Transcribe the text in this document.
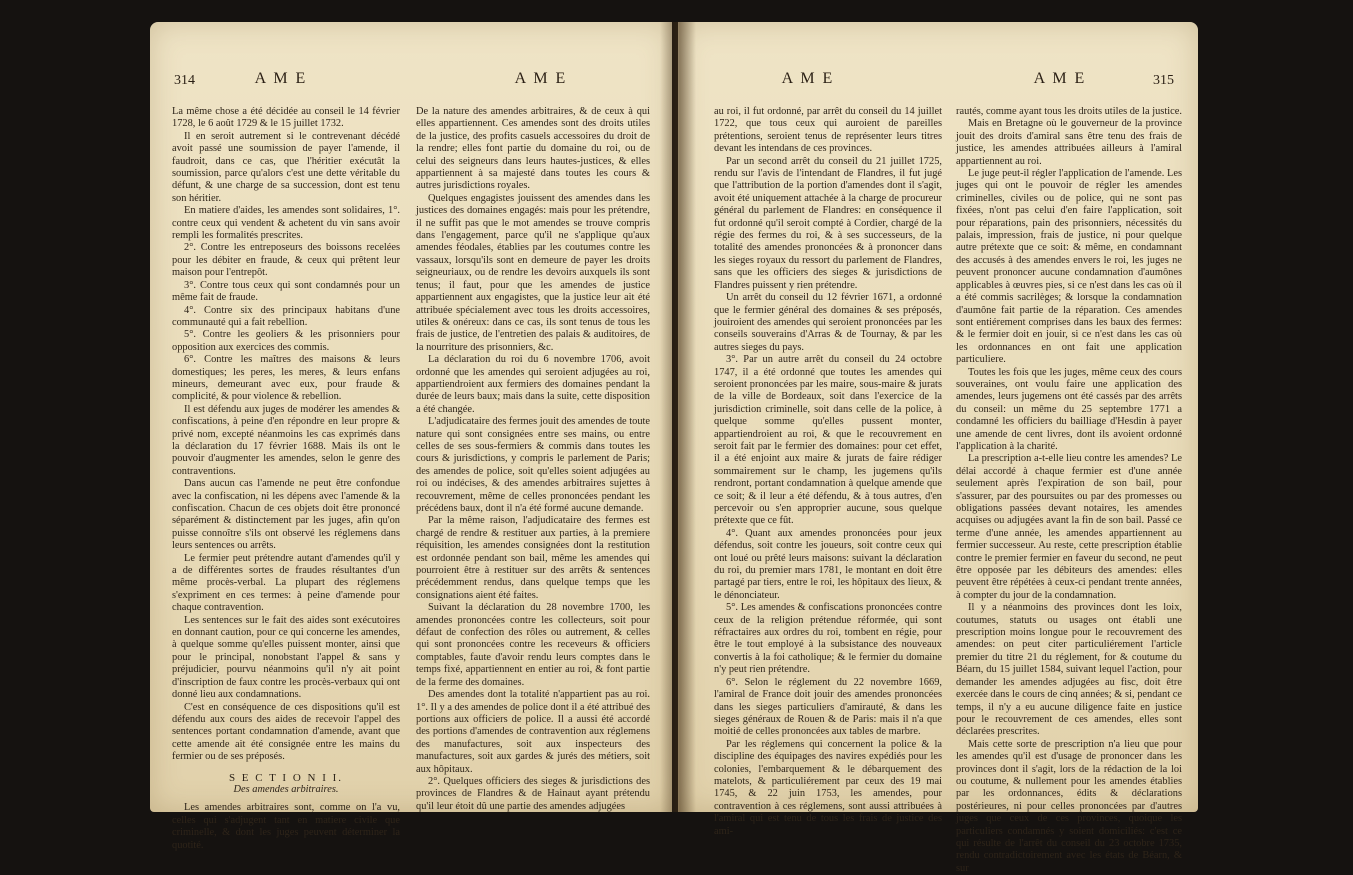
314	A M E	A M E

La même chose a été décidée au conseil le 14 février 1728, le 6 août 1729 & le 15 juillet 1732.

Il en seroit autrement si le contrevenant décédé avoit passé une soumission de payer l'amende, il faudroit, dans ce cas, que l'héritier exécutât la soumission, parce qu'alors c'est une dette véritable du défunt, & une charge de sa succession, dont est tenu son héritier.

En matiere d'aides, les amendes sont solidaires, 1°. contre ceux qui vendent & achetent du vin sans avoir rempli les formalités prescrites.

2°. Contre les entreposeurs des boissons recelées pour les débiter en fraude, & ceux qui prêtent leur maison pour l'entrepôt.

3°. Contre tous ceux qui sont condamnés pour un même fait de fraude.

4°. Contre six des principaux habitans d'une communauté qui a fait rebellion.

5°. Contre les geoliers & les prisonniers pour opposition aux exercices des commis.

6°. Contre les maîtres des maisons & leurs domestiques; les peres, les meres, & leurs enfans mineurs, demeurant avec eux, pour fraude & complicité, & pour violence & rebellion.

Il est défendu aux juges de modérer les amendes & confiscations, à peine d'en répondre en leur propre & privé nom, excepté néanmoins les cas exprimés dans la déclaration du 17 février 1688. Mais ils ont le pouvoir d'augmenter les amendes, selon le genre des contraventions.

Dans aucun cas l'amende ne peut être confondue avec la confiscation, ni les dépens avec l'amende & la confiscation. Chacun de ces objets doit être prononcé séparément & distinctement par les juges, afin qu'on puisse connoître s'ils ont observé les réglemens dans leurs sentences ou arrêts.

Le fermier peut prétendre autant d'amendes qu'il y a de différentes sortes de fraudes résultantes d'un même procès-verbal. La plupart des réglemens s'expriment en ces termes: à peine d'amende pour chaque contravention.

Les sentences sur le fait des aides sont exécutoires en donnant caution, pour ce qui concerne les amendes, à quelque somme qu'elles puissent monter, ainsi que pour le principal, nonobstant l'appel & sans y préjudicier, pourvu néanmoins qu'il n'y ait point d'inscription de faux contre les procès-verbaux qui ont donné lieu aux condamnations.

C'est en conséquence de ces dispositions qu'il est défendu aux cours des aides de recevoir l'appel des sentences portant condamnation d'amende, avant que cette amende ait été consignée entre les mains du fermier ou de ses préposés.

S E C T I O N I I.

Des amendes arbitraires.

Les amendes arbitraires sont, comme on l'a vu, celles qui s'adjugent tant en matiere civile que criminelle, & dont les juges peuvent déterminer la quotité.

De la nature des amendes arbitraires, & de ceux à qui elles appartiennent. Ces amendes sont des droits utiles de la justice, des profits casuels accessoires du droit de la rendre; elles font partie du domaine du roi, ou de celui des seigneurs dans leurs hautes-justices, & elles appartiennent à sa majesté dans toutes les cours & autres jurisdictions royales.

Quelques engagistes jouissent des amendes dans les justices des domaines engagés: mais pour les prétendre, il ne suffit pas que le mot amendes se trouve compris dans l'engagement, parce qu'il ne s'applique qu'aux amendes féodales, établies par les coutumes contre les vassaux, lorsqu'ils sont en demeure de payer les droits seigneuriaux, ou de rendre les devoirs auxquels ils sont tenus; il faut, pour que les amendes de justice appartiennent aux engagistes, que la justice leur ait été attribuée spécialement avec tous les droits accessoires, utiles & onéreux: dans ce cas, ils sont tenus de tous les frais de justice, de l'entretien des palais & auditoires, de la nourriture des prisonniers, &c.

La déclaration du roi du 6 novembre 1706, avoit ordonné que les amendes qui seroient adjugées au roi, appartiendroient aux fermiers des domaines pendant la durée de leurs baux; mais dans la suite, cette disposition a été changée.

L'adjudicataire des fermes jouit des amendes de toute nature qui sont consignées entre ses mains, ou entre celles de ses sous-fermiers & commis dans toutes les cours & jurisdictions, y compris le parlement de Paris; des amendes de police, soit qu'elles soient adjugées au roi ou indécises, & des amendes arbitraires sujettes à recouvrement, même de celles prononcées pendant les précédens baux, dont il n'a été formé aucune demande.

Par la même raison, l'adjudicataire des fermes est chargé de rendre & restituer aux parties, à la premiere réquisition, les amendes consignées dont la restitution est ordonnée pendant son bail, même les amendes qui pourroient être à restituer sur des arrêts & sentences précédemment rendus, dans quelque temps que les consignations aient été faites.

Suivant la déclaration du 28 novembre 1700, les amendes prononcées contre les collecteurs, soit pour défaut de confection des rôles ou autrement, & celles qui sont prononcées contre les receveurs & officiers comptables, faute d'avoir rendu leurs comptes dans le temps fixé, appartiennent en entier au roi, & font partie de la ferme des domaines.

Des amendes dont la totalité n'appartient pas au roi. 1°. Il y a des amendes de police dont il a été attribué des portions aux officiers de police. Il a aussi été accordé des portions d'amendes de contravention aux réglemens des manufactures, soit aux inspecteurs des manufactures, soit aux gardes & jurés des métiers, soit aux hôpitaux.

2°. Quelques officiers des sieges & jurisdictions des provinces de Flandres & de Hainaut ayant prétendu qu'il leur étoit dû une partie des amendes adjugées

A M E	A M E	315

au roi, il fut ordonné, par arrêt du conseil du 14 juillet 1722, que tous ceux qui auroient de pareilles prétentions, seroient tenus de représenter leurs titres devant les intendans de ces provinces.

Par un second arrêt du conseil du 21 juillet 1725, rendu sur l'avis de l'intendant de Flandres, il fut jugé que l'attribution de la portion d'amendes dont il s'agit, avoit été uniquement attachée à la charge de procureur général du parlement de Flandres: en conséquence il fut ordonné qu'il seroit compté à Cordier, chargé de la régie des fermes du roi, & à ses successeurs, de la totalité des amendes prononcées & à prononcer dans les sieges royaux du ressort du parlement de Flandres, sans que les officiers des sieges & jurisdictions de Flandres puissent y rien prétendre.

Un arrêt du conseil du 12 février 1671, a ordonné que le fermier général des domaines & ses préposés, jouiroient des amendes qui seroient prononcées par les conseils souverains d'Arras & de Tournay, & par les autres sieges du pays.

3°. Par un autre arrêt du conseil du 24 octobre 1747, il a été ordonné que toutes les amendes qui seroient prononcées par les maire, sous-maire & jurats de la ville de Bordeaux, soit dans l'exercice de la jurisdiction criminelle, soit dans celle de la police, à quelque somme qu'elles pussent monter, appartiendroient au roi, & que le recouvrement en seroit fait par le fermier des domaines: pour cet effet, il a été enjoint aux maire & jurats de faire rédiger sommairement sur le champ, les jugemens qu'ils rendront, portant condamnation à quelque amende que ce soit; & il leur a été défendu, & à tous autres, d'en percevoir ou s'en approprier aucune, sous quelque prétexte que ce fût.

4°. Quant aux amendes prononcées pour jeux défendus, soit contre les joueurs, soit contre ceux qui ont loué ou prêté leurs maisons: suivant la déclaration du roi, du premier mars 1781, le montant en doit être partagé par tiers, entre le roi, les hôpitaux des lieux, & le dénonciateur.

5°. Les amendes & confiscations prononcées contre ceux de la religion prétendue réformée, qui sont réfractaires aux ordres du roi, tombent en régie, pour être le tout employé à la subsistance des nouveaux convertis à la foi catholique; & le fermier du domaine n'y peut rien prétendre.

6°. Selon le réglement du 22 novembre 1669, l'amiral de France doit jouir des amendes prononcées dans les sieges particuliers d'amirauté, & dans les sieges généraux de Rouen & de Paris: mais il n'a que moitié de celles prononcées aux tables de marbre.

Par les réglemens qui concernent la police & la discipline des équipages des navires expédiés pour les colonies, l'embarquement & le débarquement des matelots, & particuliérement par ceux des 19 mai 1745, & 22 juin 1753, les amendes, pour contravention à ces réglemens, sont aussi attribuées à l'amiral qui est tenu de tous les frais de justice des ami-

rautés, comme ayant tous les droits utiles de la justice.

Mais en Bretagne où le gouverneur de la province jouit des droits d'amiral sans être tenu des frais de justice, les amendes attribuées ailleurs à l'amiral appartiennent au roi.

Le juge peut-il régler l'application de l'amende. Les juges qui ont le pouvoir de régler les amendes criminelles, civiles ou de police, qui ne sont pas fixées, n'ont pas celui d'en faire l'application, soit pour réparations, pain des prisonniers, nécessités du palais, impression, frais de justice, ni pour quelque autre prétexte que ce soit: & même, en condamnant des accusés à des amendes envers le roi, les juges ne peuvent prononcer aucune condamnation d'aumônes applicables à œuvres pies, si ce n'est dans les cas où il a été commis sacrilèges; & lorsque la condamnation d'aumône fait partie de la réparation. Ces amendes sont entiérement comprises dans les baux des fermes: & le fermier doit en jouir, si ce n'est dans les cas où les ordonnances en ont fait une application particuliere.

Toutes les fois que les juges, même ceux des cours souveraines, ont voulu faire une application des amendes, leurs jugemens ont été cassés par des arrêts du conseil: un même du 25 septembre 1771 a condamné les officiers du bailliage d'Hesdin à payer une amende de cent livres, dont ils avoient ordonné l'application à la charité.

La prescription a-t-elle lieu contre les amendes? Le délai accordé à chaque fermier est d'une année seulement après l'expiration de son bail, pour s'assurer, par des poursuites ou par des promesses ou obligations passées devant notaires, les amendes acquises ou adjugées avant la fin de son bail. Passé ce terme d'une année, les amendes appartiennent au fermier successeur. Au reste, cette prescription établie contre le premier fermier en faveur du second, ne peut être opposée par les débiteurs des amendes: elles peuvent être répétées à ceux-ci pendant trente années, à compter du jour de la condamnation.

Il y a néanmoins des provinces dont les loix, coutumes, statuts ou usages ont établi une prescription moins longue pour le recouvrement des amendes: on peut citer particuliérement l'article premier du titre 21 du réglement, for & coutume du Béarn, du 15 juillet 1584, suivant lequel l'action, pour demander les amendes adjugées au fisc, doit être exercée dans le cours de cinq années; & si, pendant ce temps, il n'y a eu aucune diligence faite en justice pour le recouvrement de ces amendes, elles sont déclarées prescrites.

Mais cette sorte de prescription n'a lieu que pour les amendes qu'il est d'usage de prononcer dans les provinces dont il s'agit, lors de la rédaction de la loi ou coutume, & nullement pour les amendes établies par les ordonnances, édits & déclarations postérieures, ni pour celles prononcées par d'autres juges que ceux de ces provinces, quoique les particuliers condamnés y soient domiciliés: c'est ce qui résulte de l'arrêt du conseil du 23 octobre 1735, rendu contradictoirement avec les états de Béarn, & sur
